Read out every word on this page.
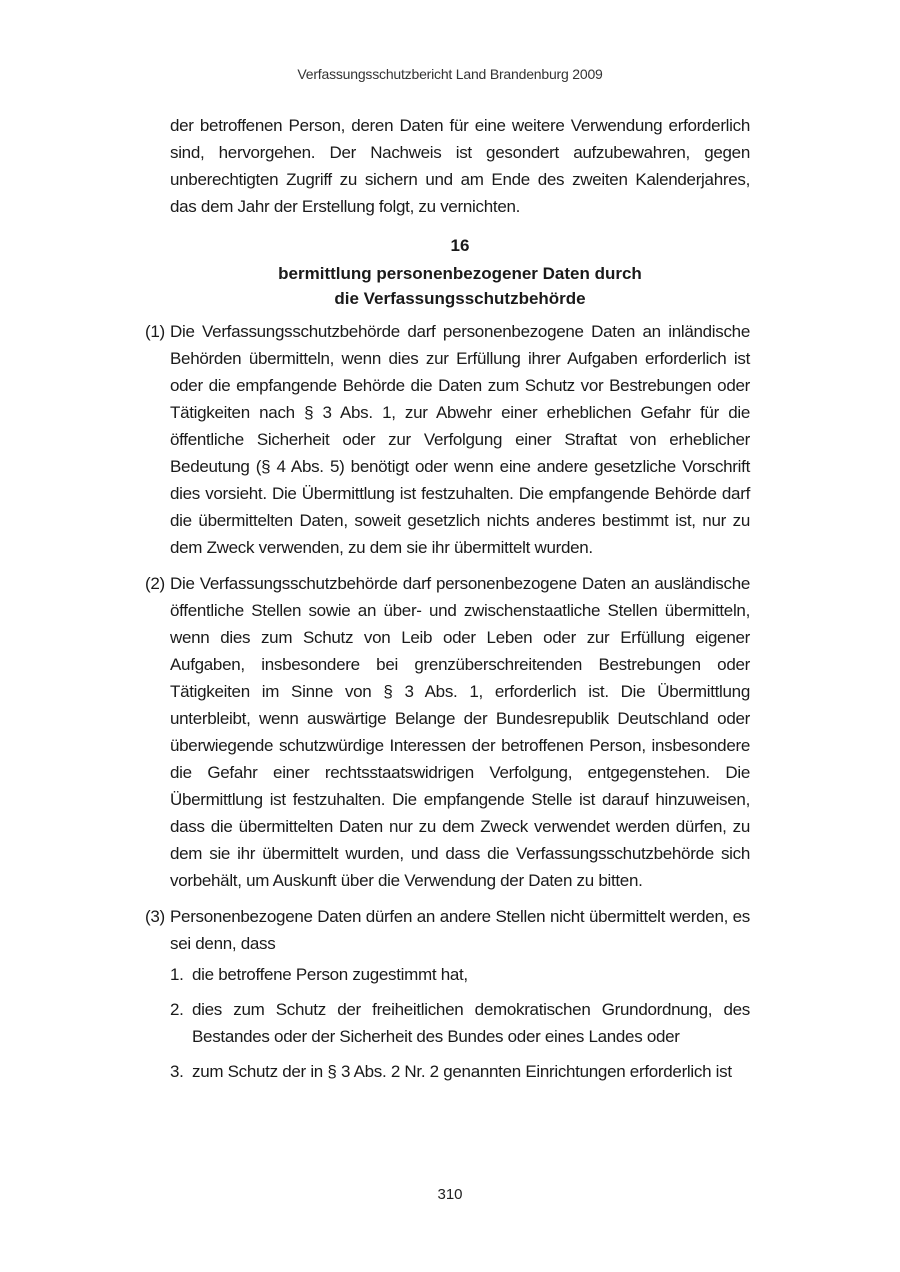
Verfassungsschutzbericht Land Brandenburg 2009

der betroffenen Person, deren Daten für eine weitere Verwendung erforderlich sind, hervorgehen. Der Nachweis ist gesondert aufzubewahren, gegen unberechtigten Zugriff zu sichern und am Ende des zweiten Kalenderjahres, das dem Jahr der Erstellung folgt, zu vernichten.

16
bermittlung personenbezogener Daten durch
die Verfassungsschutzbehörde
(1) Die Verfassungsschutzbehörde darf personenbezogene Daten an inländische Behörden übermitteln, wenn dies zur Erfüllung ihrer Aufgaben erforderlich ist oder die empfangende Behörde die Daten zum Schutz vor Bestrebungen oder Tätigkeiten nach § 3 Abs. 1, zur Abwehr einer erheblichen Gefahr für die öffentliche Sicherheit oder zur Verfolgung einer Straftat von erheblicher Bedeutung (§ 4 Abs. 5) benötigt oder wenn eine andere gesetzliche Vorschrift dies vorsieht. Die Übermittlung ist festzuhalten. Die empfangende Behörde darf die übermittelten Daten, soweit gesetzlich nichts anderes bestimmt ist, nur zu dem Zweck verwenden, zu dem sie ihr übermittelt wurden.

(2) Die Verfassungsschutzbehörde darf personenbezogene Daten an ausländische öffentliche Stellen sowie an über- und zwischenstaatliche Stellen übermitteln, wenn dies zum Schutz von Leib oder Leben oder zur Erfüllung eigener Aufgaben, insbesondere bei grenzüberschreitenden Bestrebungen oder Tätigkeiten im Sinne von § 3 Abs. 1, erforderlich ist. Die Übermittlung unterbleibt, wenn auswärtige Belange der Bundesrepublik Deutschland oder überwiegende schutzwürdige Interessen der betroffenen Person, insbesondere die Gefahr einer rechtsstaatswidrigen Verfolgung, entgegenstehen. Die Übermittlung ist festzuhalten. Die empfangende Stelle ist darauf hinzuweisen, dass die übermittelten Daten nur zu dem Zweck verwendet werden dürfen, zu dem sie ihr übermittelt wurden, und dass die Verfassungsschutzbehörde sich vorbehält, um Auskunft über die Verwendung der Daten zu bitten.

(3) Personenbezogene Daten dürfen an andere Stellen nicht übermittelt werden, es sei denn, dass

1. die betroffene Person zugestimmt hat,
2. dies zum Schutz der freiheitlichen demokratischen Grundordnung, des Bestandes oder der Sicherheit des Bundes oder eines Landes oder
3. zum Schutz der in § 3 Abs. 2 Nr. 2 genannten Einrichtungen erforderlich ist
310
